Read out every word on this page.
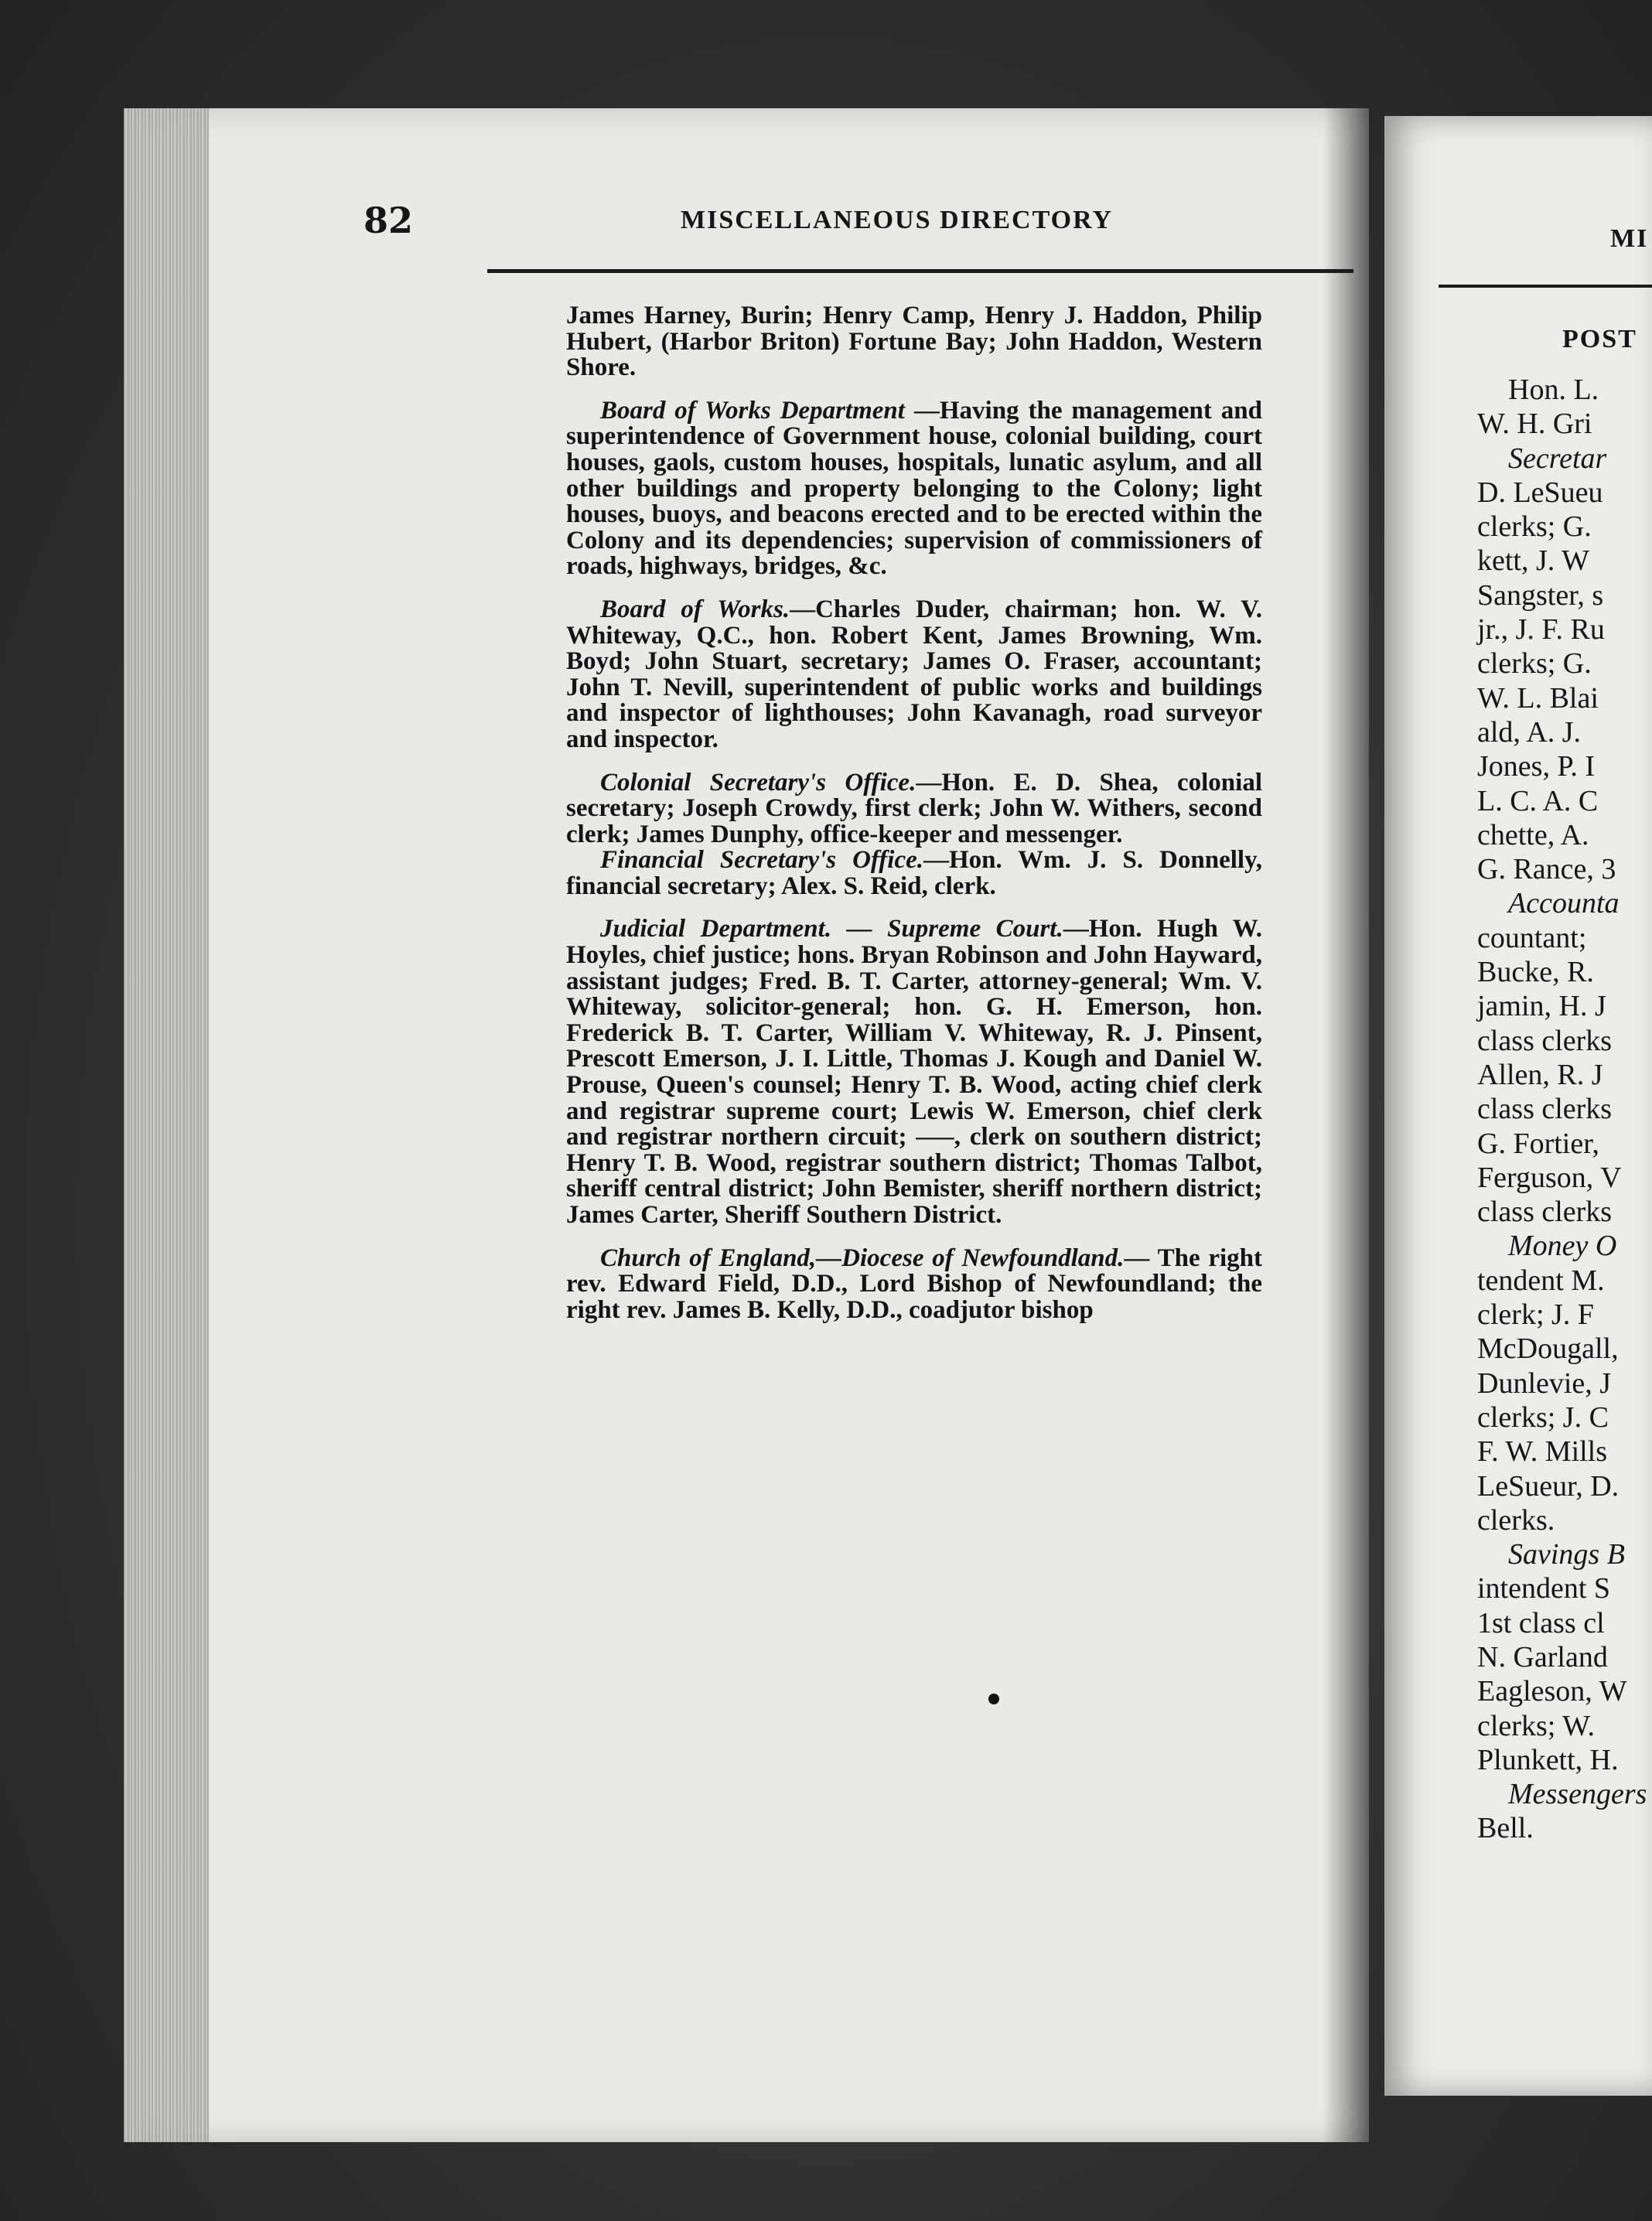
MI
POST
Hon. L.
W. H. Gri
Secretar
D. LeSueu
clerks; G.
kett, J. W
Sangster, s
jr., J. F. Ru
clerks; G.
W. L. Blai
ald, A. J.
Jones, P. I
L. C. A. C
chette, A.
G. Rance, 3
Accounta
countant;
Bucke, R.
jamin, H. J
class clerks
Allen, R. J
class clerks
G. Fortier,
Ferguson, V
class clerks
Money O
tendent M.
clerk; J. F
McDougall,
Dunlevie, J
clerks; J. C
F. W. Mills
LeSueur, D.
clerks.
Savings B
intendent S
1st class cl
N. Garland
Eagleson, W
clerks; W.
Plunkett, H.
Messengers
Bell.
82	MISCELLANEOUS DIRECTORY

James Harney, Burin; Henry Camp, Henry J. Haddon, Philip Hubert, (Harbor Briton) Fortune Bay; John Haddon, Western Shore.

Board of Works Department —Having the management and superintendence of Government house, colonial building, court houses, gaols, custom houses, hospitals, lunatic asylum, and all other buildings and property belonging to the Colony; light houses, buoys, and beacons erected and to be erected within the Colony and its dependencies; supervision of commissioners of roads, highways, bridges, &c.

Board of Works.—Charles Duder, chairman; hon. W. V. Whiteway, Q.C., hon. Robert Kent, James Browning, Wm. Boyd; John Stuart, secretary; James O. Fraser, accountant; John T. Nevill, superintendent of public works and buildings and inspector of lighthouses; John Kavanagh, road surveyor and inspector.

Colonial Secretary's Office.—Hon. E. D. Shea, colonial secretary; Joseph Crowdy, first clerk; John W. Withers, second clerk; James Dunphy, office-keeper and messenger.

Financial Secretary's Office.—Hon. Wm. J. S. Donnelly, financial secretary; Alex. S. Reid, clerk.

Judicial Department. — Supreme Court.—Hon. Hugh W. Hoyles, chief justice; hons. Bryan Robinson and John Hayward, assistant judges; Fred. B. T. Carter, attorney-general; Wm. V. Whiteway, solicitor-general; hon. G. H. Emerson, hon. Frederick B. T. Carter, William V. Whiteway, R. J. Pinsent, Prescott Emerson, J. I. Little, Thomas J. Kough and Daniel W. Prouse, Queen's counsel; Henry T. B. Wood, acting chief clerk and registrar supreme court; Lewis W. Emerson, chief clerk and registrar northern circuit; —–, clerk on southern district; Henry T. B. Wood, registrar southern district; Thomas Talbot, sheriff central district; John Bemister, sheriff northern district; James Carter, Sheriff Southern District.

Church of England,—Diocese of Newfoundland.— The right rev. Edward Field, D.D., Lord Bishop of Newfoundland; the right rev. James B. Kelly, D.D., coadjutor bishop
